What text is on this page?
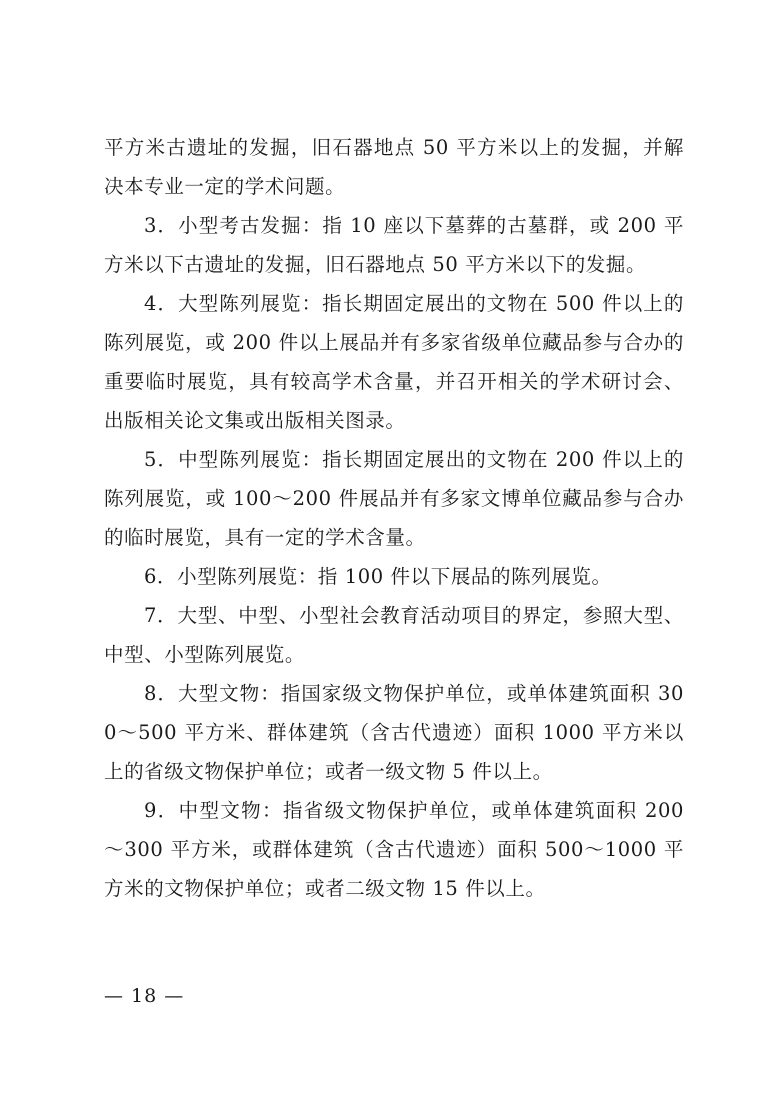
平方米古遗址的发掘，旧石器地点 50 平方米以上的发掘，并解决本专业一定的学术问题。

3．小型考古发掘：指 10 座以下墓葬的古墓群，或 200 平方米以下古遗址的发掘，旧石器地点 50 平方米以下的发掘。

4．大型陈列展览：指长期固定展出的文物在 500 件以上的陈列展览，或 200 件以上展品并有多家省级单位藏品参与合办的重要临时展览，具有较高学术含量，并召开相关的学术研讨会、出版相关论文集或出版相关图录。

5．中型陈列展览：指长期固定展出的文物在 200 件以上的陈列展览，或 100～200 件展品并有多家文博单位藏品参与合办的临时展览，具有一定的学术含量。

6．小型陈列展览：指 100 件以下展品的陈列展览。

7．大型、中型、小型社会教育活动项目的界定，参照大型、中型、小型陈列展览。

8．大型文物：指国家级文物保护单位，或单体建筑面积 300～500 平方米、群体建筑（含古代遗迹）面积 1000 平方米以上的省级文物保护单位；或者一级文物 5 件以上。

9．中型文物：指省级文物保护单位，或单体建筑面积 200～300 平方米，或群体建筑（含古代遗迹）面积 500～1000 平方米的文物保护单位；或者二级文物 15 件以上。

— 18 —
